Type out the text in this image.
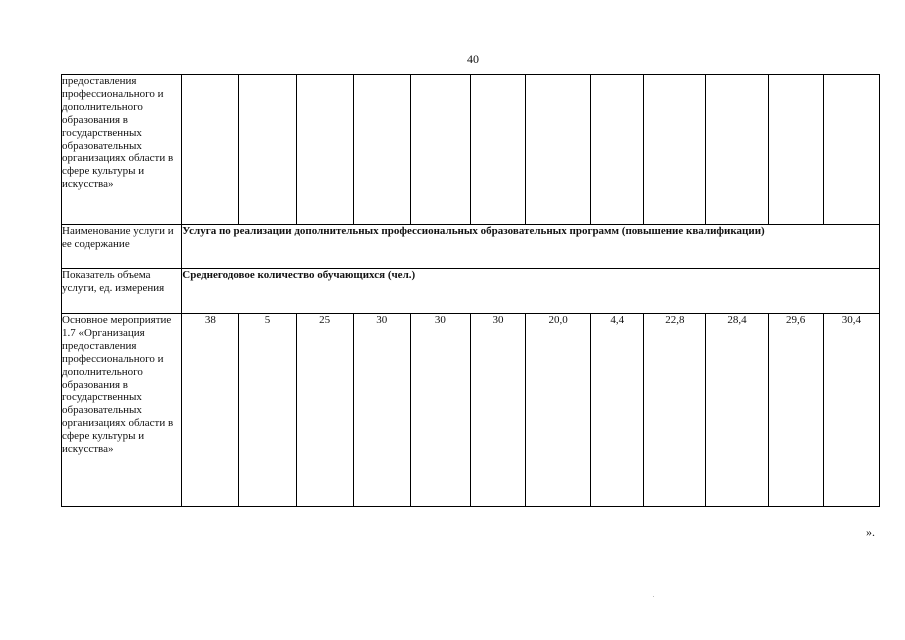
40
предоставления профессионального и дополнительного образования в государственных образовательных организациях области в сфере культуры и искусства»												
Наименование услуги и ее содержание	Услуга по реализации дополнительных профессиональных образовательных программ (повышение квалификации)											
Показатель объема услуги, ед. измерения	Среднегодовое количество обучающихся (чел.)											
Основное мероприятие 1.7 «Организация предоставления профессионального и дополнительного образования в государственных образовательных организациях области в сфере культуры и искусства»	38	5	25	30	30	30	20,0	4,4	22,8	28,4	29,6	30,4
».
